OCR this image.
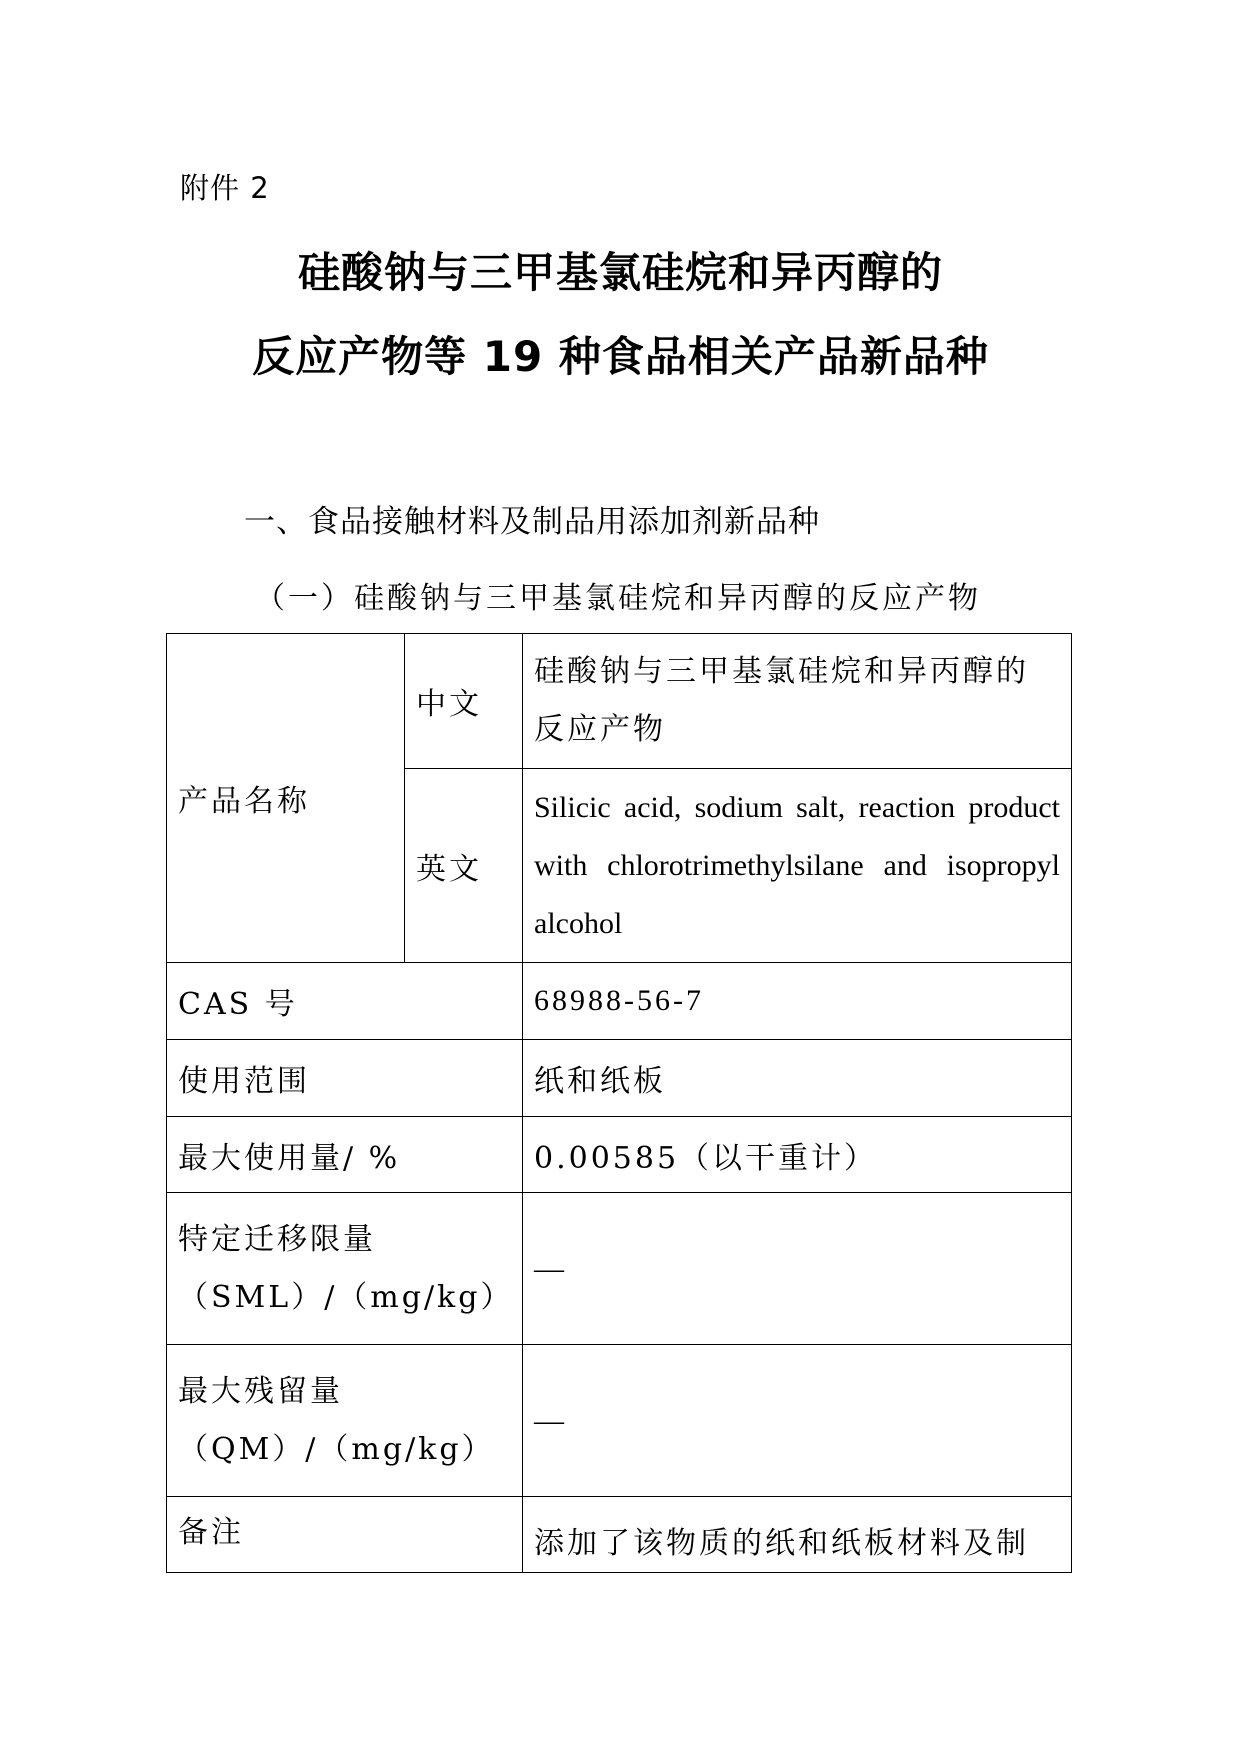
附件 2
硅酸钠与三甲基氯硅烷和异丙醇的
反应产物等 19 种食品相关产品新品种
一、食品接触材料及制品用添加剂新品种
（一）硅酸钠与三甲基氯硅烷和异丙醇的反应产物
产品名称	中文	硅酸钠与三甲基氯硅烷和异丙醇的反应产物
	英文	Silicic acid, sodium salt, reaction product with chlorotrimethylsilane and isopropyl alcohol
CAS 号		68988-56-7
使用范围		纸和纸板
最大使用量/ %		0.00585（以干重计）

特定迁移限量
（SML）/（mg/kg）		—

最大残留量
（QM）/（mg/kg）		—
备注		添加了该物质的纸和纸板材料及制
